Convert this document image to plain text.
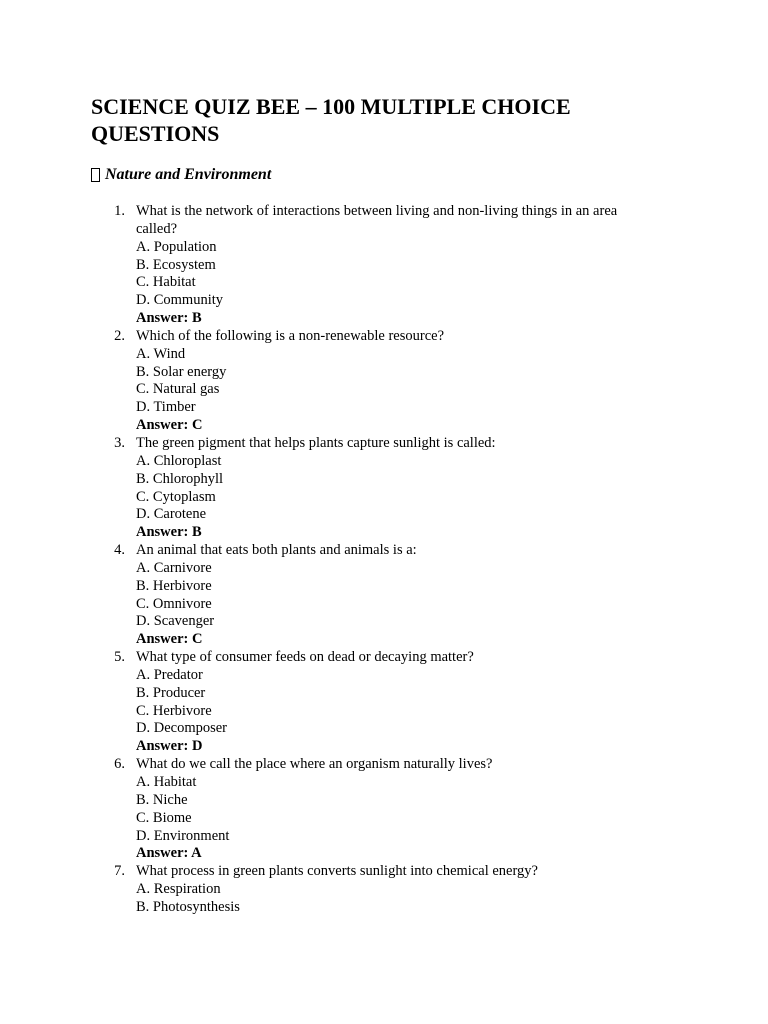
SCIENCE QUIZ BEE – 100 MULTIPLE CHOICE QUESTIONS
Nature and Environment
1. What is the network of interactions between living and non-living things in an area called?
A. Population
B. Ecosystem
C. Habitat
D. Community
Answer: B
2. Which of the following is a non-renewable resource?
A. Wind
B. Solar energy
C. Natural gas
D. Timber
Answer: C
3. The green pigment that helps plants capture sunlight is called:
A. Chloroplast
B. Chlorophyll
C. Cytoplasm
D. Carotene
Answer: B
4. An animal that eats both plants and animals is a:
A. Carnivore
B. Herbivore
C. Omnivore
D. Scavenger
Answer: C
5. What type of consumer feeds on dead or decaying matter?
A. Predator
B. Producer
C. Herbivore
D. Decomposer
Answer: D
6. What do we call the place where an organism naturally lives?
A. Habitat
B. Niche
C. Biome
D. Environment
Answer: A
7. What process in green plants converts sunlight into chemical energy?
A. Respiration
B. Photosynthesis
